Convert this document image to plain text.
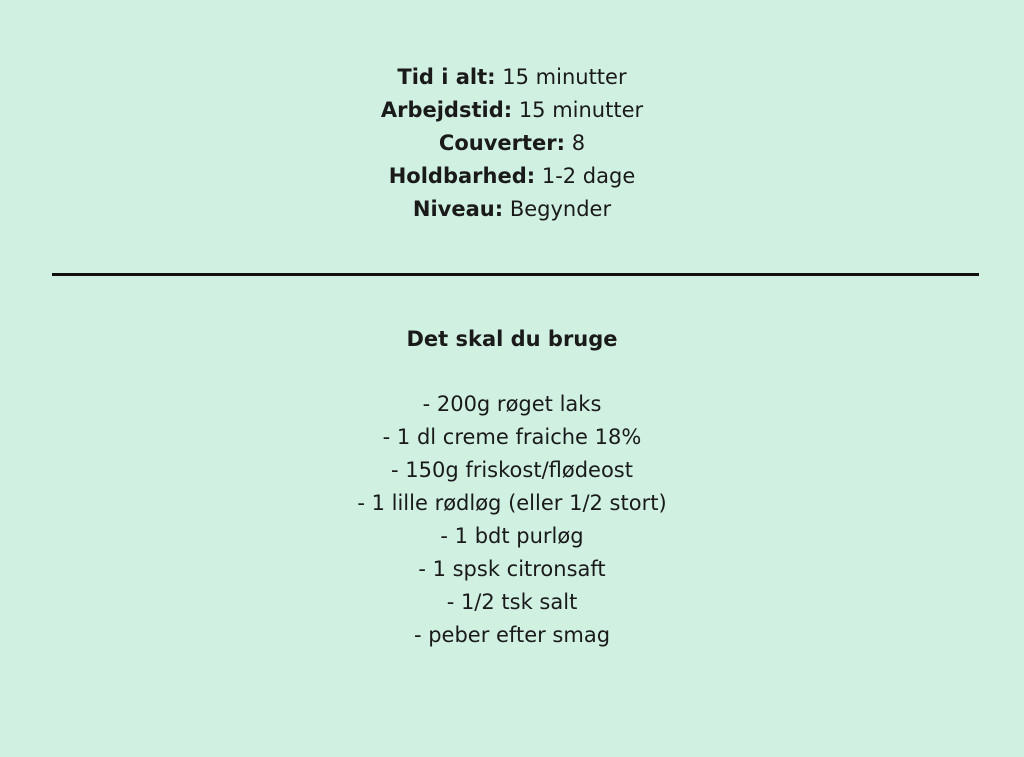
Tid i alt: 15 minutter
Arbejdstid: 15 minutter
Couverter: 8
Holdbarhed: 1-2 dage
Niveau: Begynder
Det skal du bruge
- 200g røget laks
- 1 dl creme fraiche 18%
- 150g friskost/flødeost
- 1 lille rødløg (eller 1/2 stort)
- 1 bdt purløg
- 1 spsk citronsaft
- 1/2 tsk salt
- peber efter smag
